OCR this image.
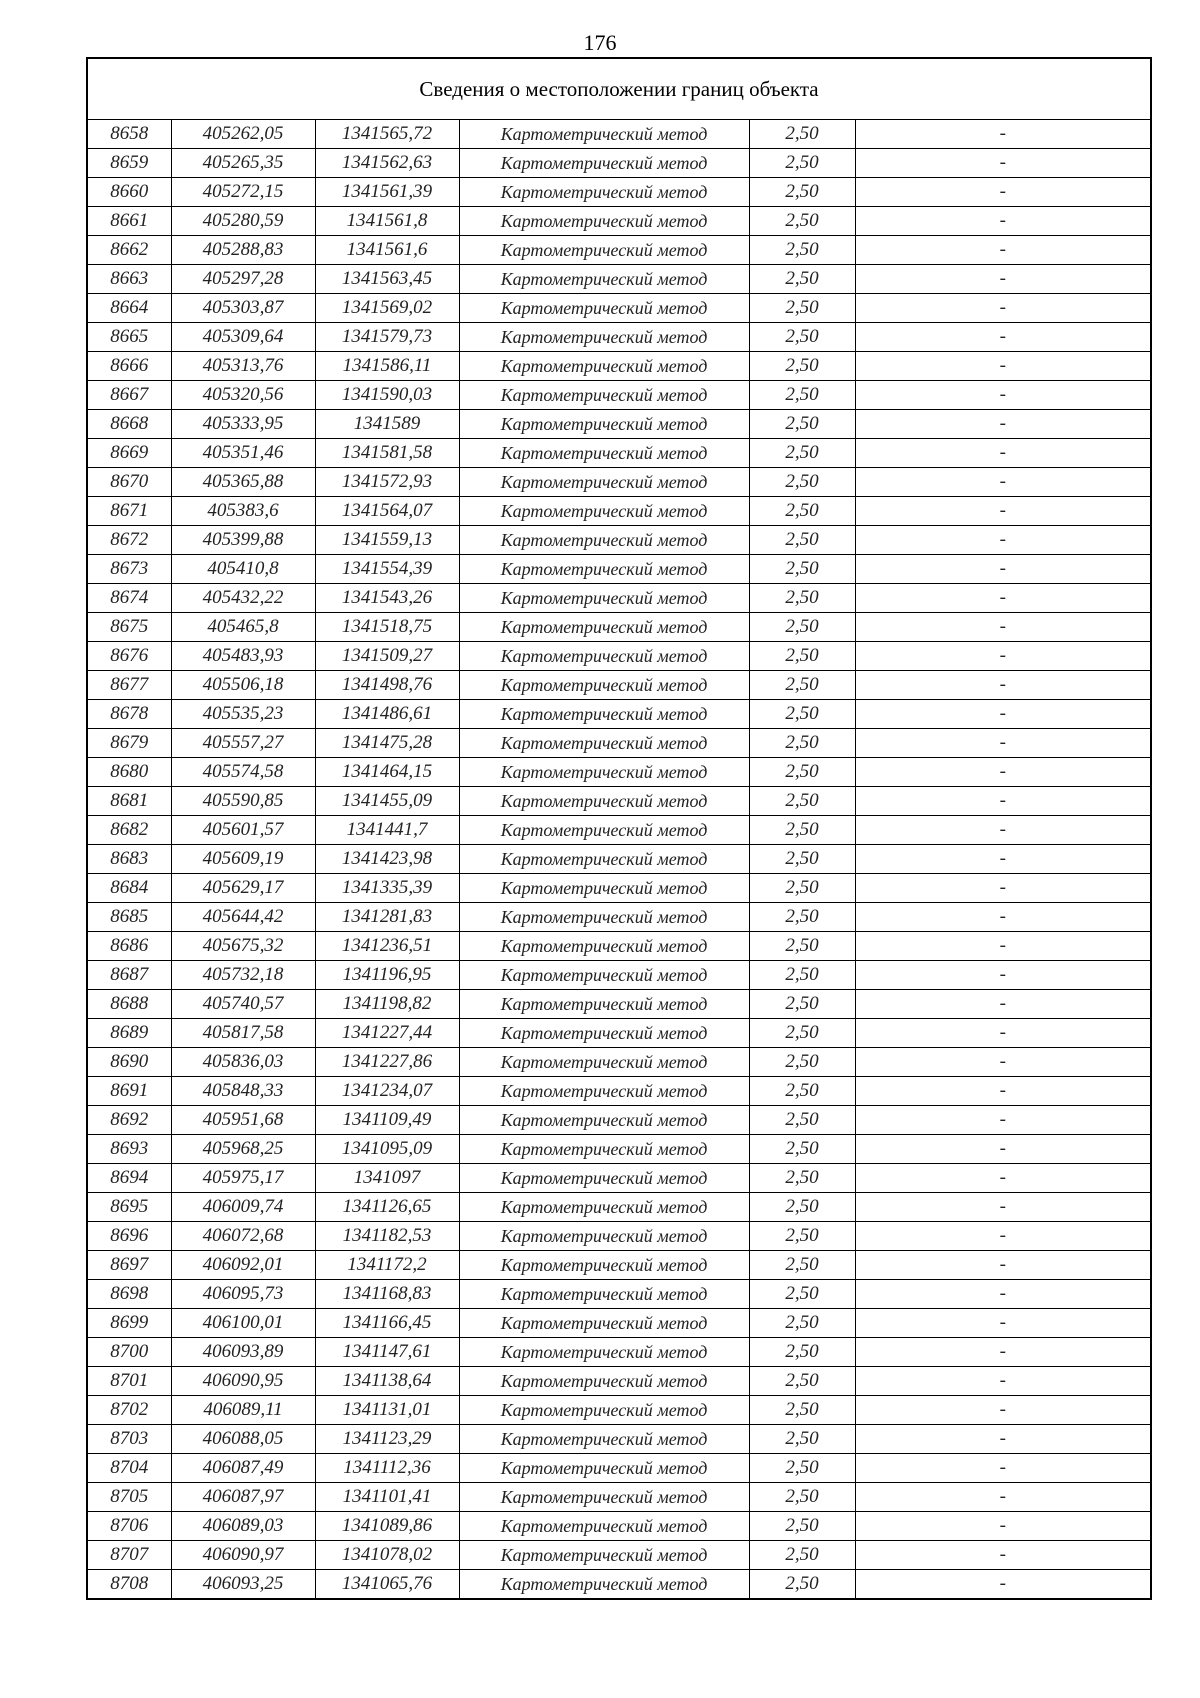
176
Сведения о местоположении границ объекта					
8658	405262,05	1341565,72	Картометрический метод	2,50	-
8659	405265,35	1341562,63	Картометрический метод	2,50	-
8660	405272,15	1341561,39	Картометрический метод	2,50	-
8661	405280,59	1341561,8	Картометрический метод	2,50	-
8662	405288,83	1341561,6	Картометрический метод	2,50	-
8663	405297,28	1341563,45	Картометрический метод	2,50	-
8664	405303,87	1341569,02	Картометрический метод	2,50	-
8665	405309,64	1341579,73	Картометрический метод	2,50	-
8666	405313,76	1341586,11	Картометрический метод	2,50	-
8667	405320,56	1341590,03	Картометрический метод	2,50	-
8668	405333,95	1341589	Картометрический метод	2,50	-
8669	405351,46	1341581,58	Картометрический метод	2,50	-
8670	405365,88	1341572,93	Картометрический метод	2,50	-
8671	405383,6	1341564,07	Картометрический метод	2,50	-
8672	405399,88	1341559,13	Картометрический метод	2,50	-
8673	405410,8	1341554,39	Картометрический метод	2,50	-
8674	405432,22	1341543,26	Картометрический метод	2,50	-
8675	405465,8	1341518,75	Картометрический метод	2,50	-
8676	405483,93	1341509,27	Картометрический метод	2,50	-
8677	405506,18	1341498,76	Картометрический метод	2,50	-
8678	405535,23	1341486,61	Картометрический метод	2,50	-
8679	405557,27	1341475,28	Картометрический метод	2,50	-
8680	405574,58	1341464,15	Картометрический метод	2,50	-
8681	405590,85	1341455,09	Картометрический метод	2,50	-
8682	405601,57	1341441,7	Картометрический метод	2,50	-
8683	405609,19	1341423,98	Картометрический метод	2,50	-
8684	405629,17	1341335,39	Картометрический метод	2,50	-
8685	405644,42	1341281,83	Картометрический метод	2,50	-
8686	405675,32	1341236,51	Картометрический метод	2,50	-
8687	405732,18	1341196,95	Картометрический метод	2,50	-
8688	405740,57	1341198,82	Картометрический метод	2,50	-
8689	405817,58	1341227,44	Картометрический метод	2,50	-
8690	405836,03	1341227,86	Картометрический метод	2,50	-
8691	405848,33	1341234,07	Картометрический метод	2,50	-
8692	405951,68	1341109,49	Картометрический метод	2,50	-
8693	405968,25	1341095,09	Картометрический метод	2,50	-
8694	405975,17	1341097	Картометрический метод	2,50	-
8695	406009,74	1341126,65	Картометрический метод	2,50	-
8696	406072,68	1341182,53	Картометрический метод	2,50	-
8697	406092,01	1341172,2	Картометрический метод	2,50	-
8698	406095,73	1341168,83	Картометрический метод	2,50	-
8699	406100,01	1341166,45	Картометрический метод	2,50	-
8700	406093,89	1341147,61	Картометрический метод	2,50	-
8701	406090,95	1341138,64	Картометрический метод	2,50	-
8702	406089,11	1341131,01	Картометрический метод	2,50	-
8703	406088,05	1341123,29	Картометрический метод	2,50	-
8704	406087,49	1341112,36	Картометрический метод	2,50	-
8705	406087,97	1341101,41	Картометрический метод	2,50	-
8706	406089,03	1341089,86	Картометрический метод	2,50	-
8707	406090,97	1341078,02	Картометрический метод	2,50	-
8708	406093,25	1341065,76	Картометрический метод	2,50	-
